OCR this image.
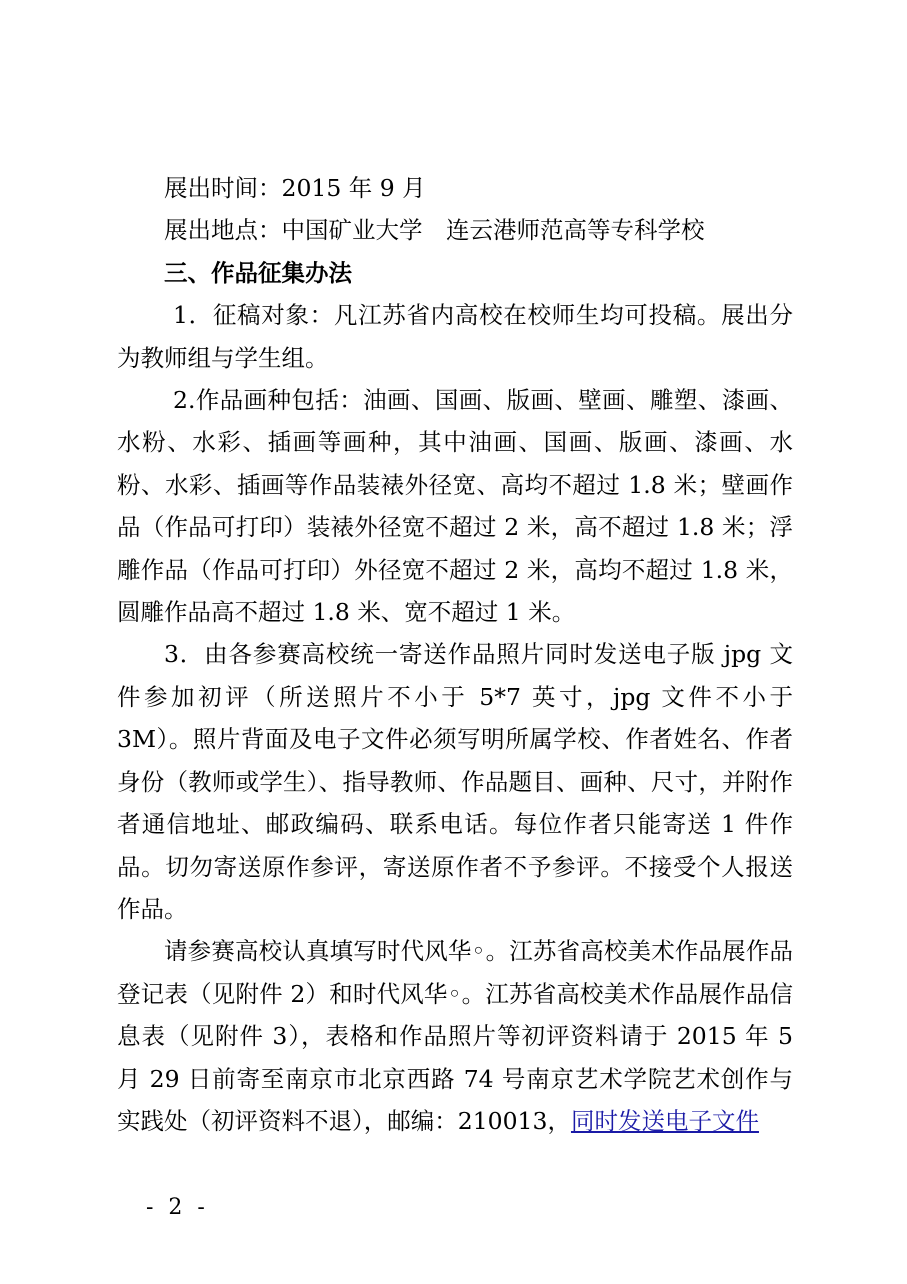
展出时间：2015 年 9 月

展出地点：中国矿业大学　连云港师范高等专科学校

三、作品征集办法

1．征稿对象：凡江苏省内高校在校师生均可投稿。展出分为教师组与学生组。

2.作品画种包括：油画、国画、版画、壁画、雕塑、漆画、水粉、水彩、插画等画种，其中油画、国画、版画、漆画、水粉、水彩、插画等作品装裱外径宽、高均不超过 1.8 米；壁画作品（作品可打印）装裱外径宽不超过 2 米，高不超过 1.8 米；浮雕作品（作品可打印）外径宽不超过 2 米，高均不超过 1.8 米，圆雕作品高不超过 1.8 米、宽不超过 1 米。

3．由各参赛高校统一寄送作品照片同时发送电子版 jpg 文件参加初评（所送照片不小于 5*7 英寸，jpg 文件不小于 3M）。照片背面及电子文件必须写明所属学校、作者姓名、作者身份（教师或学生）、指导教师、作品题目、画种、尺寸，并附作者通信地址、邮政编码、联系电话。每位作者只能寄送 1 件作品。切勿寄送原作参评，寄送原作者不予参评。不接受个人报送作品。

请参赛高校认真填写时代风华◦。江苏省高校美术作品展作品登记表（见附件 2）和时代风华◦。江苏省高校美术作品展作品信息表（见附件 3），表格和作品照片等初评资料请于 2015 年 5 月 29 日前寄至南京市北京西路 74 号南京艺术学院艺术创作与实践处（初评资料不退），邮编：210013，同时发送电子文件

- 2 -
